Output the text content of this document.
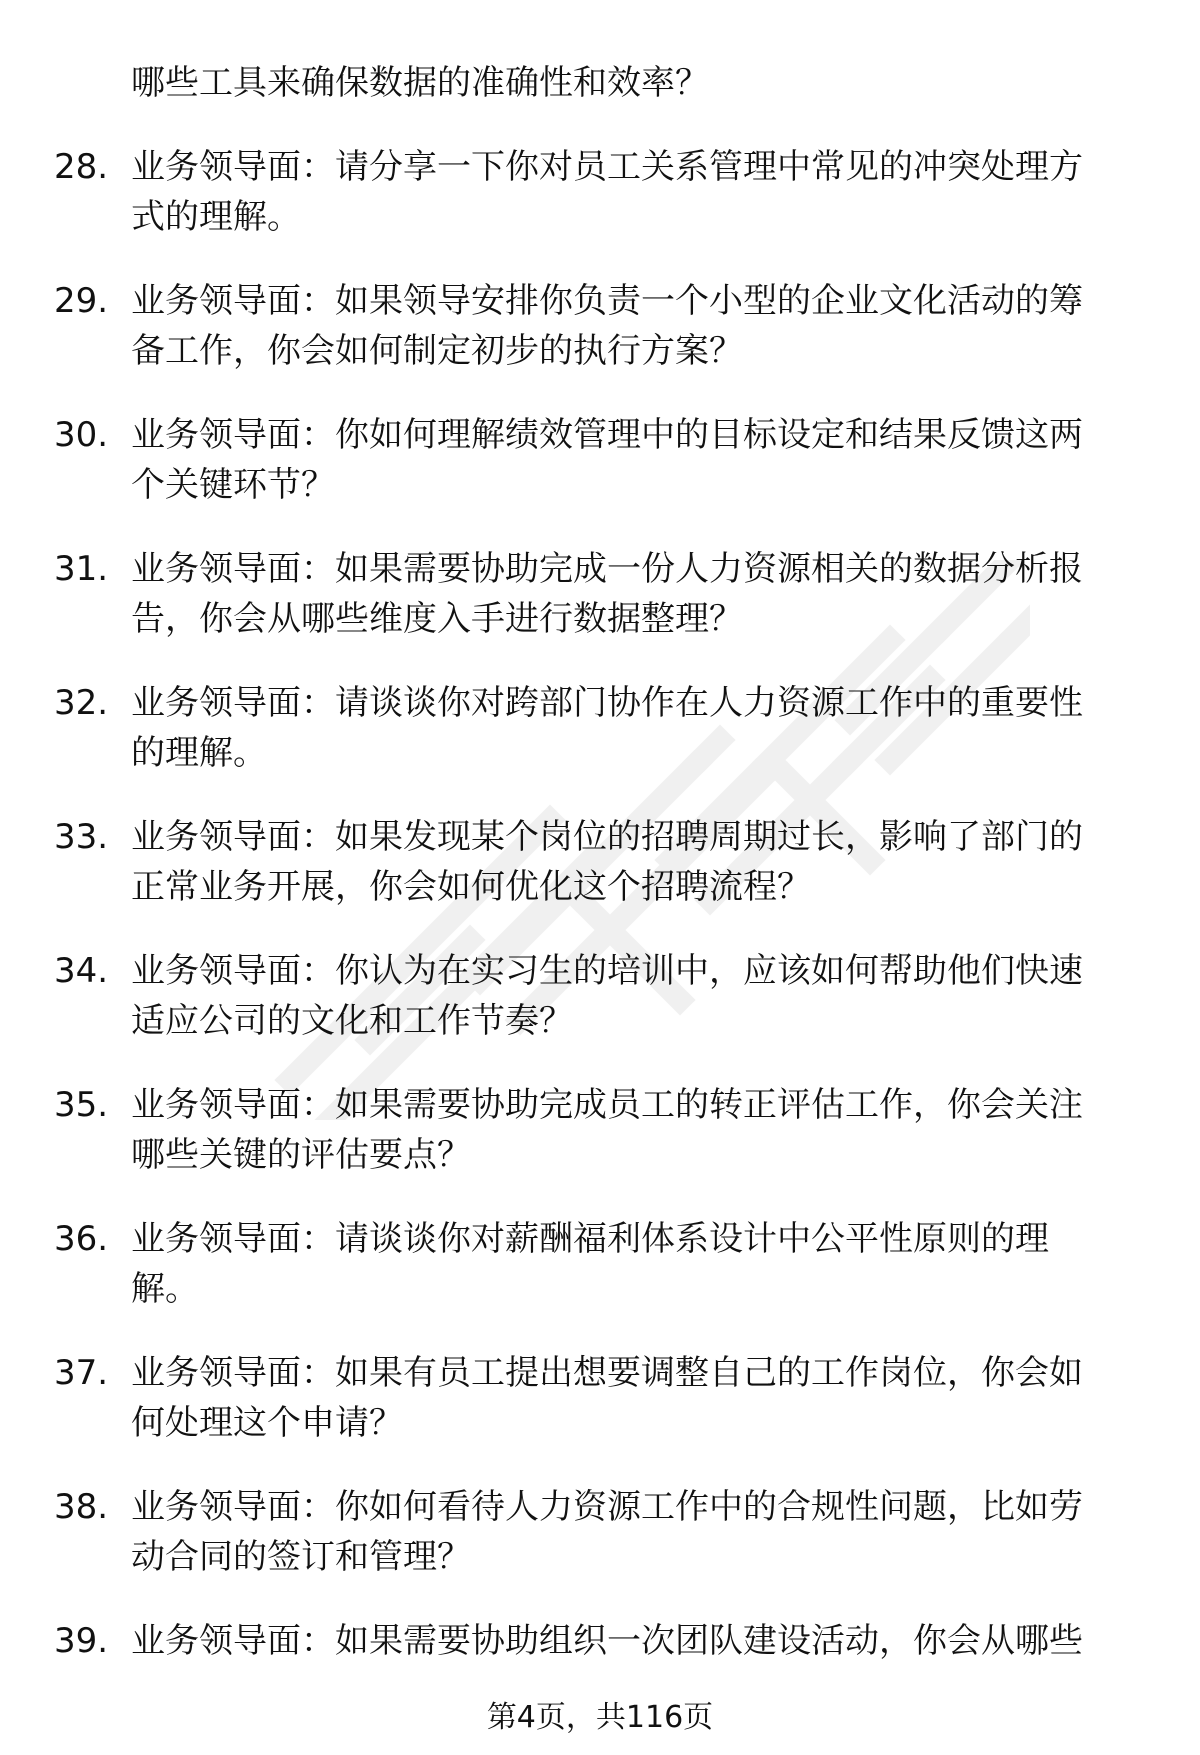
哪些工具来确保数据的准确性和效率？
28. 业务领导面：请分享一下你对员工关系管理中常见的冲突处理方
式的理解。
29. 业务领导面：如果领导安排你负责一个小型的企业文化活动的筹
备工作，你会如何制定初步的执行方案？
30. 业务领导面：你如何理解绩效管理中的目标设定和结果反馈这两
个关键环节？
31. 业务领导面：如果需要协助完成一份人力资源相关的数据分析报
告，你会从哪些维度入手进行数据整理？
32. 业务领导面：请谈谈你对跨部门协作在人力资源工作中的重要性
的理解。
33. 业务领导面：如果发现某个岗位的招聘周期过长，影响了部门的
正常业务开展，你会如何优化这个招聘流程？
34. 业务领导面：你认为在实习生的培训中，应该如何帮助他们快速
适应公司的文化和工作节奏？
35. 业务领导面：如果需要协助完成员工的转正评估工作，你会关注
哪些关键的评估要点？
36. 业务领导面：请谈谈你对薪酬福利体系设计中公平性原则的理
解。
37. 业务领导面：如果有员工提出想要调整自己的工作岗位，你会如
何处理这个申请？
38. 业务领导面：你如何看待人力资源工作中的合规性问题，比如劳
动合同的签订和管理？
39. 业务领导面：如果需要协助组织一次团队建设活动，你会从哪些
第4页，共116页
